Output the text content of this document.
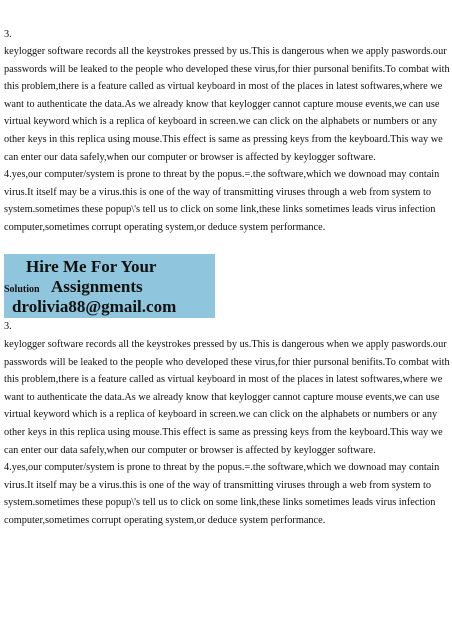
3.

keylogger software records all the keystrokes pressed by us.This is dangerous when we apply paswords.our passwords will be leaked to the people who developed these virus,for thier pursonal benifits.To combat with this problem,there is a feature called as virtual keyboard in most of the places in latest softwares,where we want to authenticate the data.As we already know that keylogger cannot capture mouse events,we can use virtual keyword which is a replica of keyboard in screen.we can click on the alphabets or numbers or any other keys in this replica using mouse.This effect is same as pressing keys from the keyboard.This way we can enter our data safely,when our computer or browser is affected by keylogger software.

4.yes,our computer/system is prone to threat by the popus.=.the software,which we downoad may contain virus.It itself may be a virus.this is one of the way of transmitting viruses through a web from system to system.sometimes these popup\'s tell us to click on some link,these links sometimes leads virus infection computer,sometimes corrupt operating system,or deduce system performance.

Hire Me For Your
Solution Assignments
drolivia88@gmail.com
3.

keylogger software records all the keystrokes pressed by us.This is dangerous when we apply paswords.our passwords will be leaked to the people who developed these virus,for thier pursonal benifits.To combat with this problem,there is a feature called as virtual keyboard in most of the places in latest softwares,where we want to authenticate the data.As we already know that keylogger cannot capture mouse events,we can use virtual keyword which is a replica of keyboard in screen.we can click on the alphabets or numbers or any other keys in this replica using mouse.This effect is same as pressing keys from the keyboard.This way we can enter our data safely,when our computer or browser is affected by keylogger software.

4.yes,our computer/system is prone to threat by the popus.=.the software,which we downoad may contain virus.It itself may be a virus.this is one of the way of transmitting viruses through a web from system to system.sometimes these popup\'s tell us to click on some link,these links sometimes leads virus infection computer,sometimes corrupt operating system,or deduce system performance.
